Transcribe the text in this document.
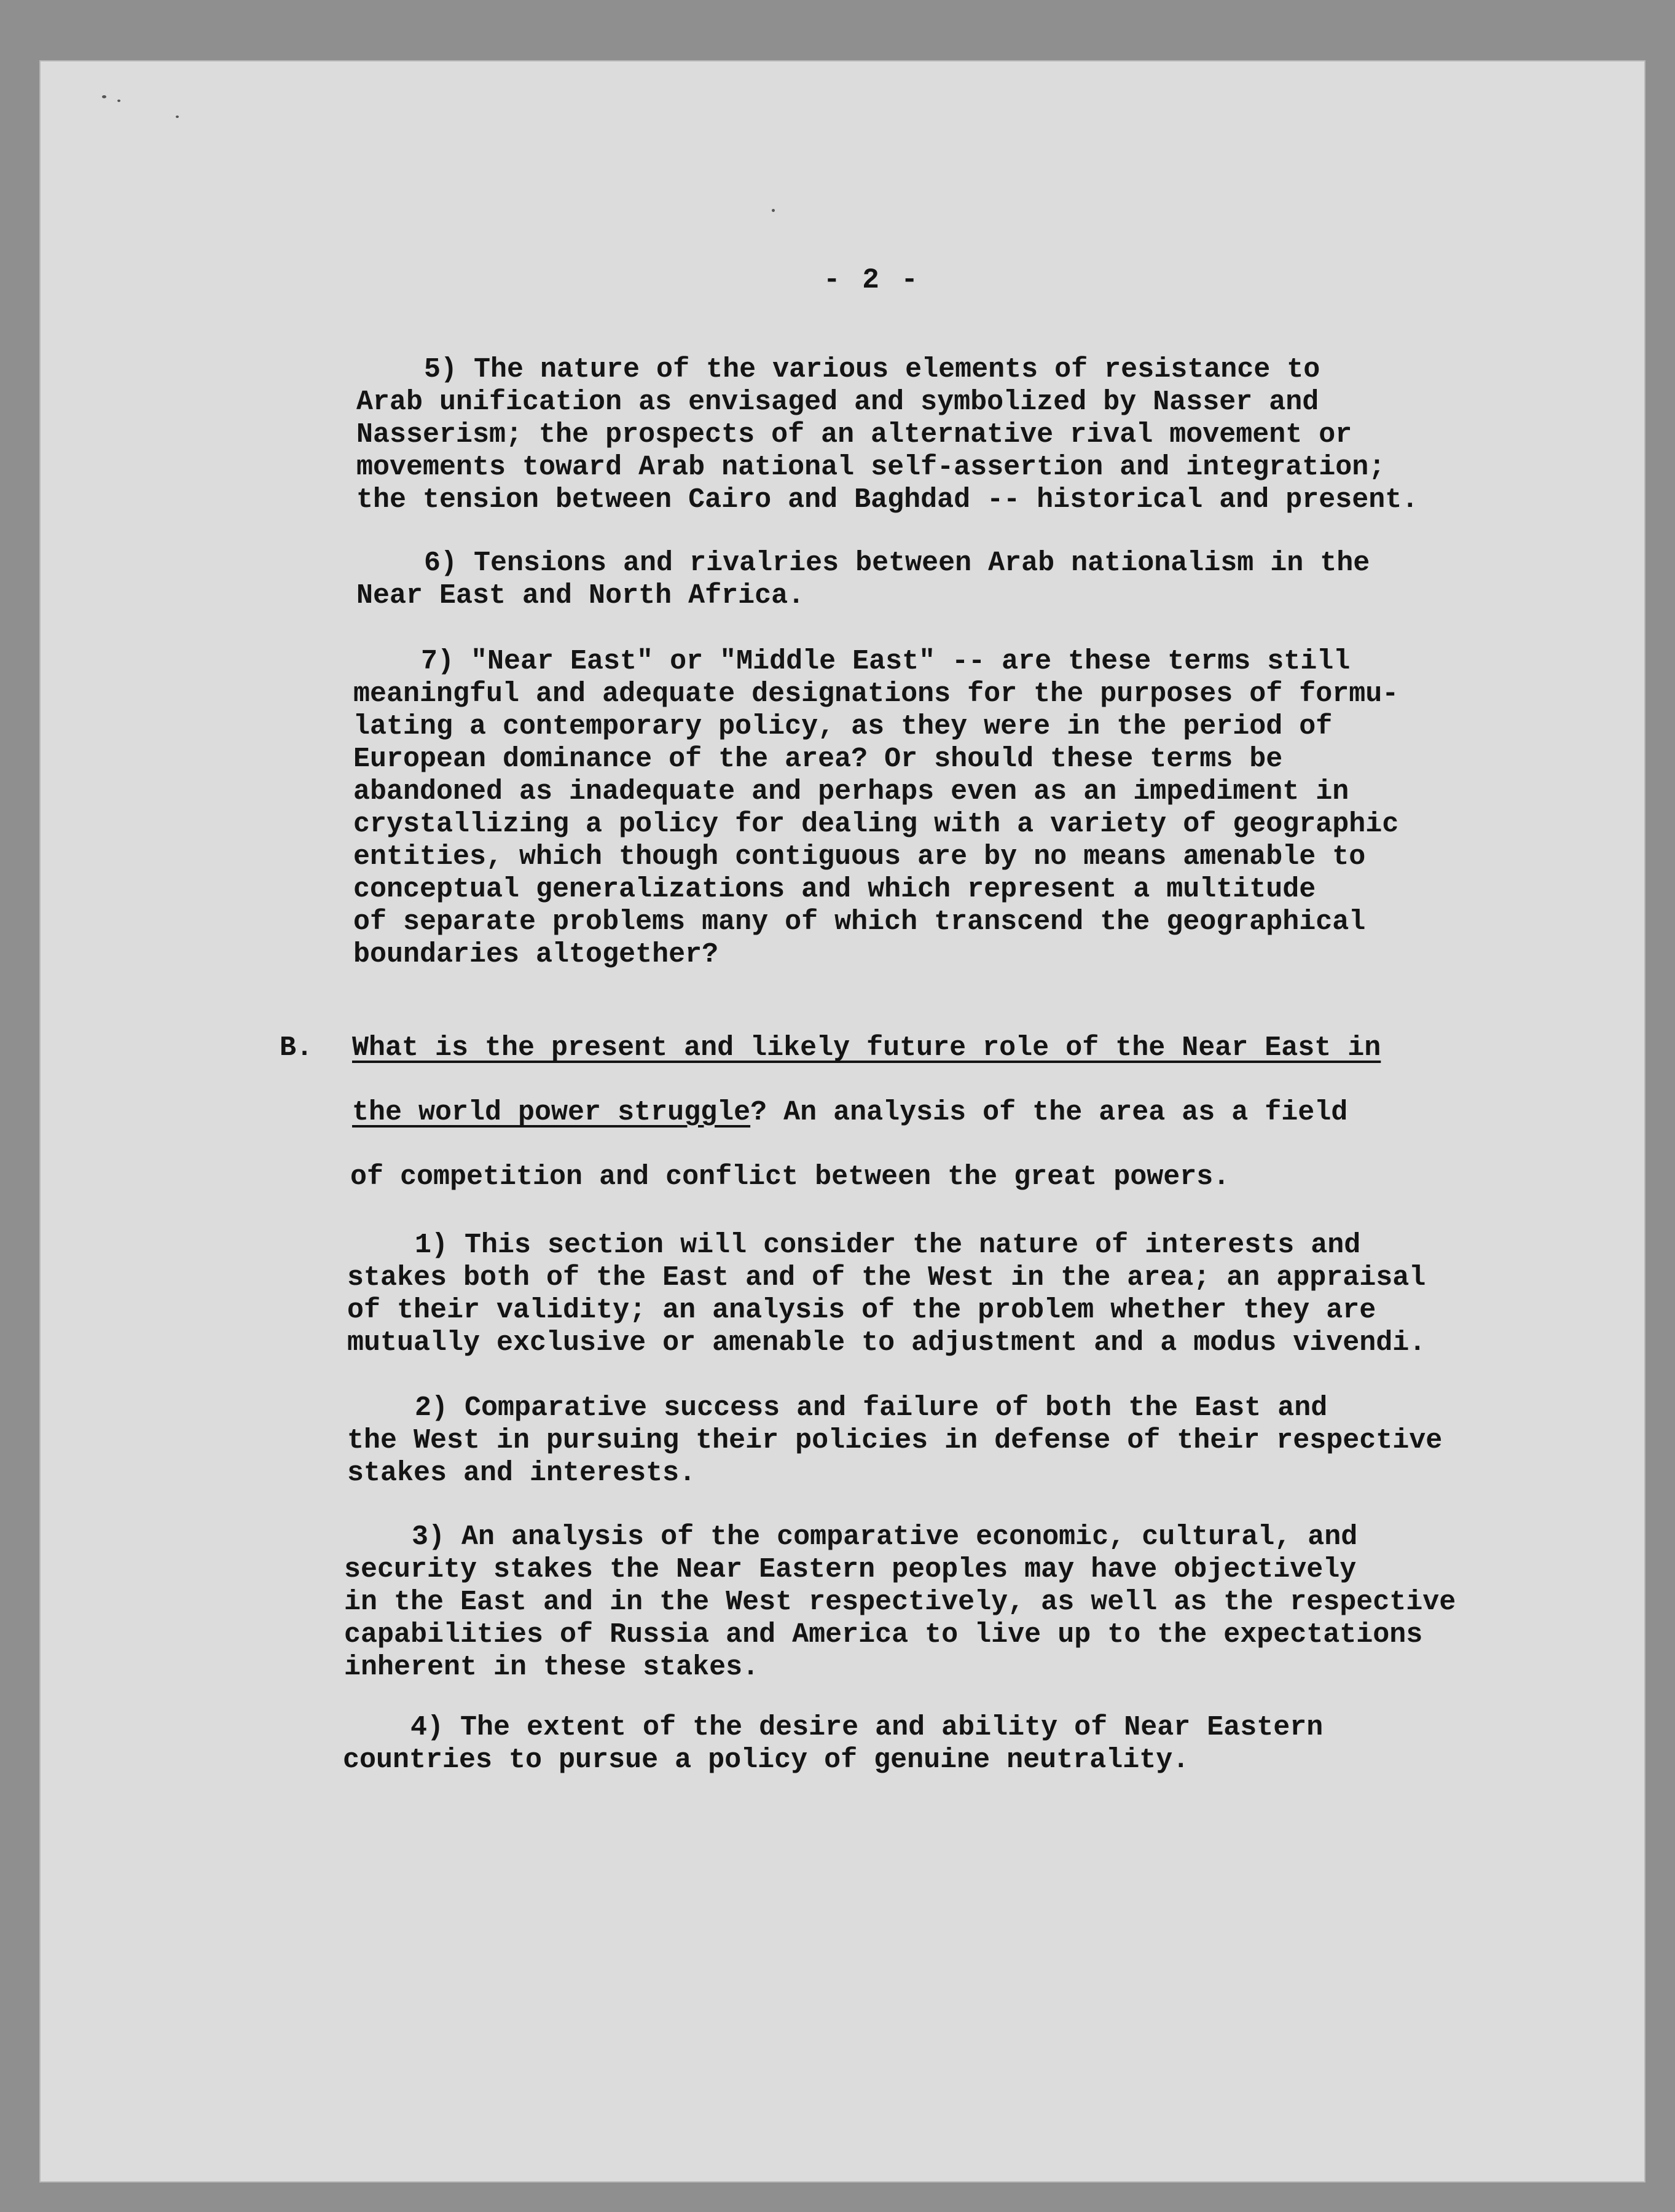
- 2 -
5) The nature of the various elements of resistance to
Arab unification as envisaged and symbolized by Nasser and
Nasserism; the prospects of an alternative rival movement or
movements toward Arab national self-assertion and integration;
the tension between Cairo and Baghdad -- historical and present.
6) Tensions and rivalries between Arab nationalism in the
Near East and North Africa.
7) "Near East" or "Middle East" -- are these terms still
meaningful and adequate designations for the purposes of formu-
lating a contemporary policy, as they were in the period of
European dominance of the area? Or should these terms be
abandoned as inadequate and perhaps even as an impediment in
crystallizing a policy for dealing with a variety of geographic
entities, which though contiguous are by no means amenable to
conceptual generalizations and which represent a multitude
of separate problems many of which transcend the geographical
boundaries altogether?
B. What is the present and likely future role of the Near East in
the world power struggle? An analysis of the area as a field
of competition and conflict between the great powers.
1) This section will consider the nature of interests and
stakes both of the East and of the West in the area; an appraisal
of their validity; an analysis of the problem whether they are
mutually exclusive or amenable to adjustment and a modus vivendi.
2) Comparative success and failure of both the East and
the West in pursuing their policies in defense of their respective
stakes and interests.
3) An analysis of the comparative economic, cultural, and
security stakes the Near Eastern peoples may have objectively
in the East and in the West respectively, as well as the respective
capabilities of Russia and America to live up to the expectations
inherent in these stakes.
4) The extent of the desire and ability of Near Eastern
countries to pursue a policy of genuine neutrality.
